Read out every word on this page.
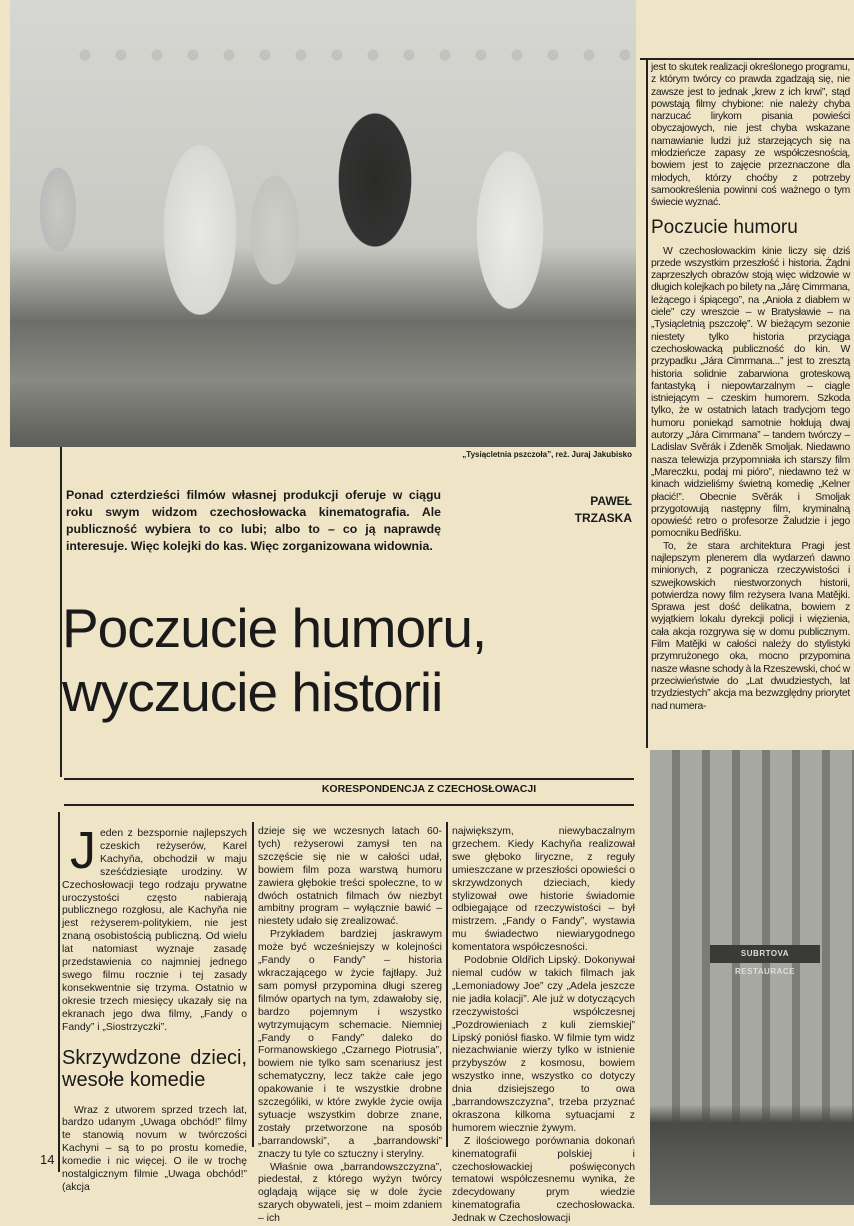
„Tysiącletnia pszczoła”, reż. Juraj Jakubisko

jest to skutek realizacji określonego programu, z którym twórcy co prawda zgadzają się, nie zawsze jest to jednak „krew z ich krwi”, stąd powstają filmy chybione: nie należy chyba narzucać lirykom pisania powieści obyczajowych, nie jest chyba wskazane namawianie ludzi już starzejących się na młodzieńcze zapasy ze współczesnością, bowiem jest to zajęcie przeznaczone dla młodych, którzy choćby z potrzeby samookreślenia powinni coś ważnego o tym świecie wyznać.

Poczucie humoru

W czechosłowackim kinie liczy się dziś przede wszystkim przeszłość i historia. Żądni zaprzeszłych obrazów stoją więc widzowie w długich kolejkach po bilety na „Járę Cimrmana, leżącego i śpiącego”, na „Anioła z diabłem w ciele” czy wreszcie – w Bratysławie – na „Tysiącletnią pszczołę”. W bieżącym sezonie niestety tylko historia przyciąga czechosłowacką publiczność do kin. W przypadku „Jára Cimrmana...” jest to zresztą historia solidnie zabarwiona groteskową fantastyką i niepowtarzalnym – ciągle istniejącym – czeskim humorem. Szkoda tylko, że w ostatnich latach tradycjom tego humoru poniekąd samotnie hołdują dwaj autorzy „Jára Cimrmana” – tandem twórczy – Ladislav Svěrák i Zdeněk Smoljak. Niedawno nasza telewizja przypomniała ich starszy film „Mareczku, podaj mi pióro”, niedawno też w kinach widzieliśmy świetną komedię „Kelner płacić!”. Obecnie Svěrák i Smoljak przygotowują następny film, kryminalną opowieść retro o profesorze Žaludzie i jego pomocniku Bedřišku.

To, że stara architektura Pragi jest najlepszym plenerem dla wydarzeń dawno minionych, z pogranicza rzeczywistości i szwejkowskich niestworzonych historii, potwierdza nowy film reżysera Ivana Matějki. Sprawa jest dość delikatna, bowiem z wyjątkiem lokalu dyrekcji policji i więzienia, cała akcja rozgrywa się w domu publicznym. Film Matějki w całości należy do stylistyki przymrużonego oka, mocno przypomina nasze własne schody à la Rzeszewski, choć w przeciwieństwie do „Lat dwudziestych, lat trzydziestych” akcja ma bezwzględny priorytet nad numera-

Ponad czterdzieści filmów własnej produkcji oferuje w ciągu roku swym widzom czechosłowacka kinematografia. Ale publiczność wybiera to co lubi; albo to – co ją naprawdę interesuje. Więc kolejki do kas. Więc zorganizowana widownia.
PAWEŁ
TRZASKA
Poczucie humoru,
wyczucie historii
KORESPONDENCJA Z CZECHOSŁOWACJI

Jeden z bezspornie najlepszych czeskich reżyserów, Karel Kachyňa, obchodził w maju sześćdziesiąte urodziny. W Czechosłowacji tego rodzaju prywatne uroczystości często nabierają publicznego rozgłosu, ale Kachyňa nie jest reżyserem-politykiem, nie jest znaną osobistością publiczną. Od wielu lat natomiast wyznaje zasadę przedstawienia co najmniej jednego swego filmu rocznie i tej zasady konsekwentnie się trzyma. Ostatnio w okresie trzech miesięcy ukazały się na ekranach jego dwa filmy, „Fandy o Fandy” i „Siostrzyczki”.

Skrzywdzone dzieci, wesołe komedie

Wraz z utworem sprzed trzech lat, bardzo udanym „Uwaga obchód!” filmy te stanowią novum w twórczości Kachyni – są to po prostu komedie, komedie i nic więcej. O ile w trochę nostalgicznym filmie „Uwaga obchód!” (akcja

dzieje się we wczesnych latach 60-tych) reżyserowi zamysł ten na szczęście się nie w całości udał, bowiem film poza warstwą humoru zawiera głębokie treści społeczne, to w dwóch ostatnich filmach ów niezbyt ambitny program – wyłącznie bawić – niestety udało się zrealizować.

Przykładem bardziej jaskrawym może być wcześniejszy w kolejności „Fandy o Fandy” – historia wkraczającego w życie fajtłapy. Już sam pomysł przypomina długi szereg filmów opartych na tym, zdawałoby się, bardzo pojemnym i wszystko wytrzymującym schemacie. Niemniej „Fandy o Fandy” daleko do Formanowskiego „Czarnego Piotrusia”, bowiem nie tylko sam scenariusz jest schematyczny, lecz także całe jego opakowanie i te wszystkie drobne szczególiki, w które zwykle życie owija sytuacje wszystkim dobrze znane, zostały przetworzone na sposób „barrandowski”, a „barrandowski” znaczy tu tyle co sztuczny i sterylny.

Właśnie owa „barrandowszczyzna”, piedestał, z którego wyżyn twórcy oglądają wijące się w dole życie szarych obywateli, jest – moim zdaniem – ich

największym, niewybaczalnym grzechem. Kiedy Kachyňa realizował swe głęboko liryczne, z reguły umieszczane w przeszłości opowieści o skrzywdzonych dzieciach, kiedy stylizował owe historie świadomie odbiegające od rzeczywistości – był mistrzem. „Fandy o Fandy”, wystawia mu świadectwo niewiarygodnego komentatora współczesności.

Podobnie Oldřich Lipský. Dokonywał niemal cudów w takich filmach jak „Lemoniadowy Joe” czy „Adela jeszcze nie jadła kolacji”. Ale już w dotyczących rzeczywistości współczesnej „Pozdrowieniach z kuli ziemskiej” Lipský poniósł fiasko. W filmie tym widz niezachwianie wierzy tylko w istnienie przybyszów z kosmosu, bowiem wszystko inne, wszystko co dotyczy dnia dzisiejszego to owa „barrandowszczyzna”, trzeba przyznać okraszona kilkoma sytuacjami z humorem wiecznie żywym.

Z ilościowego porównania dokonań kinematografii polskiej i czechosłowackiej poświęconych tematowi współczesnemu wynika, że zdecydowany prym wiedzie kinematografia czechosłowacka. Jednak w Czechosłowacji

14
SUBRTOVA RESTAURACE
